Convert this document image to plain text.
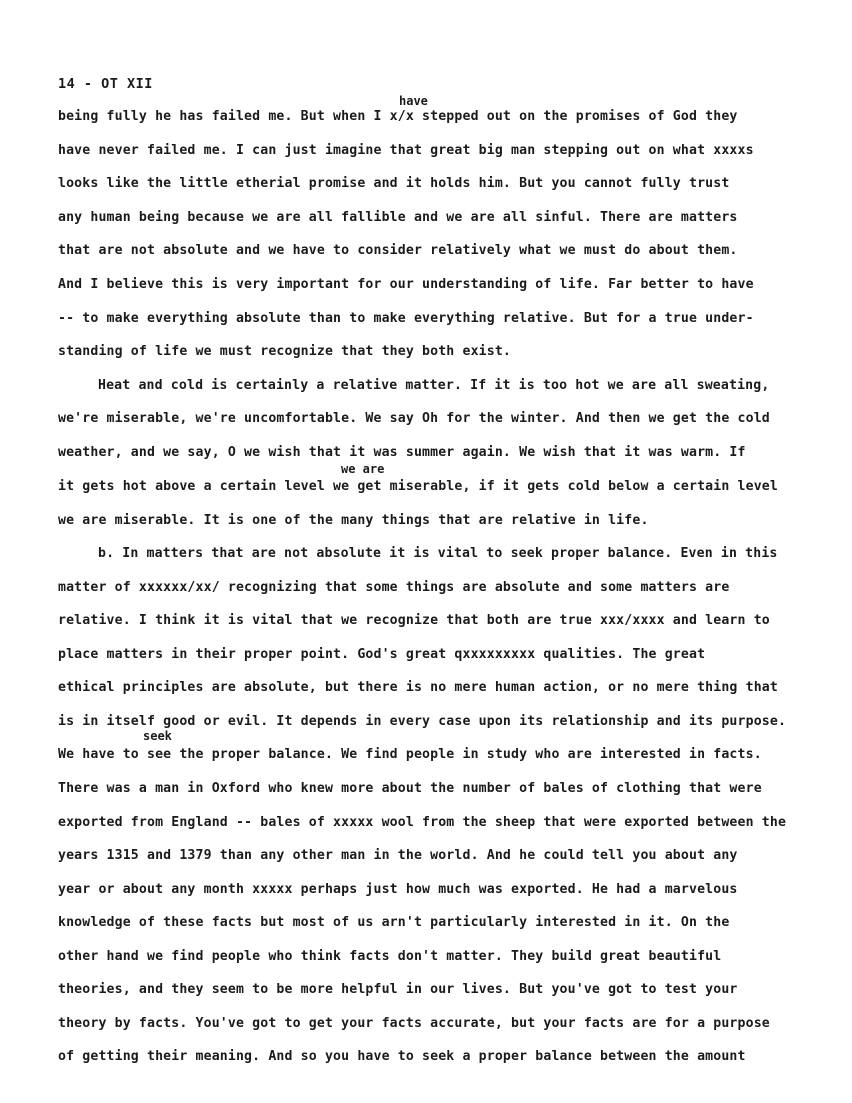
14 - OT XII
have
we are
seek
being fully he has failed me. But when I x/x stepped out on the promises of God they
have never failed me. I can just imagine that great big man stepping out on what xxxxs
looks like the little etherial promise and it holds him. But you cannot fully trust
any human being because we are all fallible and we are all sinful. There are matters
that are not absolute and we have to consider relatively what we must do about them.
And I believe this is very important for our understanding of life. Far better to have
-- to make everything absolute than to make everything relative. But for a true under-
standing of life we must recognize that they both exist.
Heat and cold is certainly a relative matter. If it is too hot we are all sweating,
we're miserable, we're uncomfortable. We say Oh for the winter. And then we get the cold
weather, and we say, O we wish that it was summer again. We wish that it was warm. If
it gets hot above a certain level we get miserable, if it gets cold below a certain level
we are miserable. It is one of the many things that are relative in life.
b. In matters that are not absolute it is vital to seek proper balance. Even in this
matter of xxxxxx/xx/ recognizing that some things are absolute and some matters are
relative. I think it is vital that we recognize that both are true xxx/xxxx and learn to
place matters in their proper point. God's great qxxxxxxxxx qualities. The great
ethical principles are absolute, but there is no mere human action, or no mere thing that
is in itself good or evil. It depends in every case upon its relationship and its purpose.
We have to see the proper balance. We find people in study who are interested in facts.
There was a man in Oxford who knew more about the number of bales of clothing that were
exported from England -- bales of xxxxx wool from the sheep that were exported between the
years 1315 and 1379 than any other man in the world. And he could tell you about any
year or about any month xxxxx perhaps just how much was exported. He had a marvelous
knowledge of these facts but most of us arn't particularly interested in it. On the
other hand we find people who think facts don't matter. They build great beautiful
theories, and they seem to be more helpful in our lives. But you've got to test your
theory by facts. You've got to get your facts accurate, but your facts are for a purpose
of getting their meaning. And so you have to seek a proper balance between the amount
